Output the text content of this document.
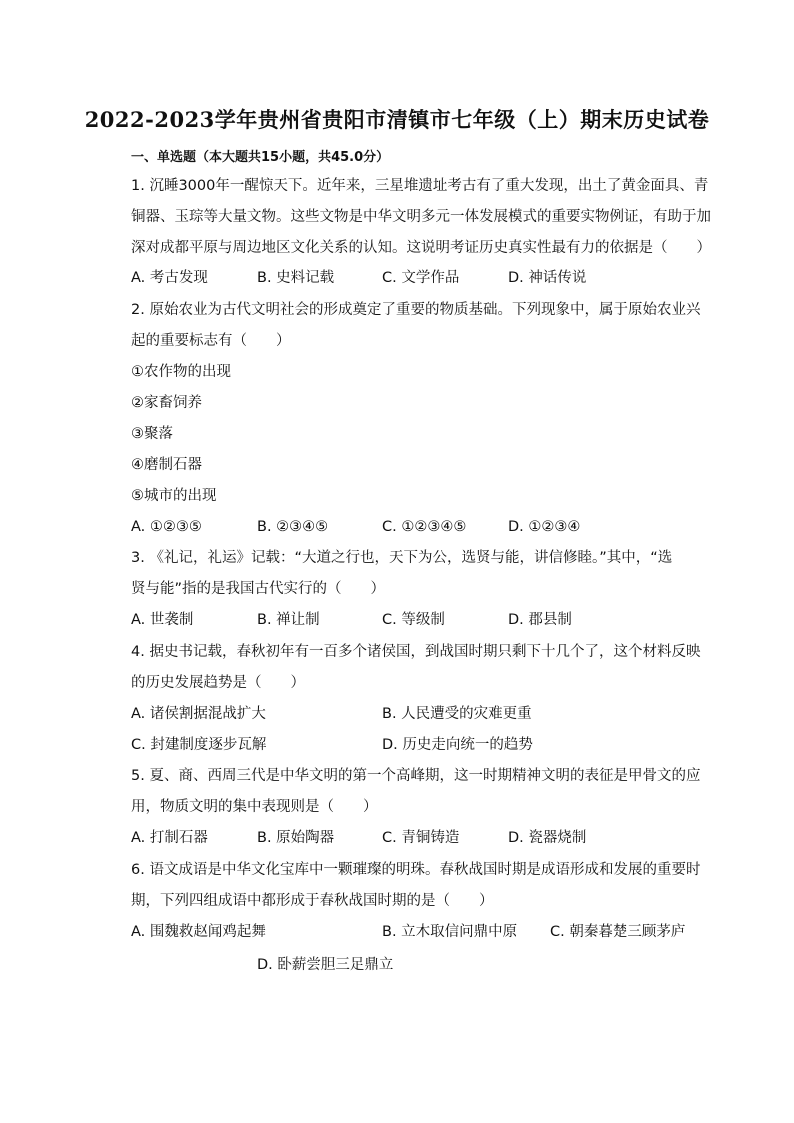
2022-2023学年贵州省贵阳市清镇市七年级（上）期末历史试卷
一、单选题（本大题共15小题，共45.0分）
1. 沉睡3000年一醒惊天下。近年来，三星堆遗址考古有了重大发现，出土了黄金面具、青
铜器、玉琮等大量文物。这些文物是中华文明多元一体发展模式的重要实物例证，有助于加
深对成都平原与周边地区文化关系的认知。这说明考证历史真实性最有力的依据是（　　）
A. 考古发现	B. 史料记载	C. 文学作品	D. 神话传说
2. 原始农业为古代文明社会的形成奠定了重要的物质基础。下列现象中，属于原始农业兴
起的重要标志有（　　）
①农作物的出现
②家畜饲养
③聚落
④磨制石器
⑤城市的出现
A. ①②③⑤	B. ②③④⑤	C. ①②③④⑤	D. ①②③④
3. 《礼记，礼运》记载：“大道之行也，天下为公，选贤与能，讲信修睦。”其中，“选
贤与能”指的是我国古代实行的（　　）
A. 世袭制	B. 禅让制	C. 等级制	D. 郡县制
4. 据史书记载，春秋初年有一百多个诸侯国，到战国时期只剩下十几个了，这个材料反映
的历史发展趋势是（　　）
A. 诸侯割据混战扩大	B. 人民遭受的灾难更重
C. 封建制度逐步瓦解	D. 历史走向统一的趋势
5. 夏、商、西周三代是中华文明的第一个高峰期，这一时期精神文明的表征是甲骨文的应
用，物质文明的集中表现则是（　　）
A. 打制石器	B. 原始陶器	C. 青铜铸造	D. 瓷器烧制
6. 语文成语是中华文化宝库中一颗璀璨的明珠。春秋战国时期是成语形成和发展的重要时
期，下列四组成语中都形成于春秋战国时期的是（　　）
A. 围魏救赵闻鸡起舞	B. 立木取信问鼎中原 C. 朝秦暮楚三顾茅庐
D. 卧薪尝胆三足鼎立
